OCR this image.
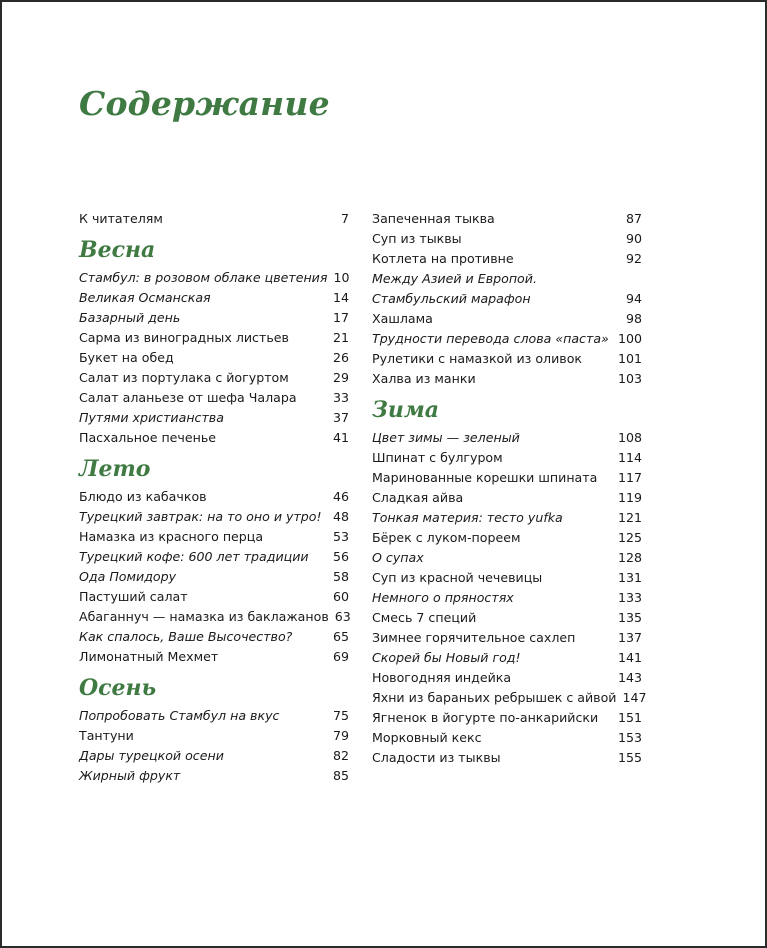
Содержание
К читателям	7
Весна
Стамбул: в розовом облаке цветения 10
Великая Османская	14
Базарный день	17
Сарма из виноградных листьев	21
Букет на обед	26
Салат из портулака с йогуртом	29
Салат аланьезе от шефа Чалара	33
Путями христианства	37
Пасхальное печенье	41
Лето
Блюдо из кабачков	46
Турецкий завтрак: на то оно и утро! 48
Намазка из красного перца	53
Турецкий кофе: 600 лет традиции	56
Ода Помидору	58
Пастуший салат	60
Абаганнуч — намазка из баклажанов 63
Как спалось, Ваше Высочество?	65
Лимонатный Мехмет	69
Осень
Попробовать Стамбул на вкус	75
Тантуни	79
Дары турецкой осени	82
Жирный фрукт	85
Запеченная тыква	87
Суп из тыквы	90
Котлета на противне	92
Между Азией и Европой.
Стамбульский марафон	94
Хашлама	98
Трудности перевода слова «паста» 100
Рулетики с намазкой из оливок	101
Халва из манки	103
Зима
Цвет зимы — зеленый	108
Шпинат с булгуром	114
Маринованные корешки шпината	117
Сладкая айва	119
Тонкая материя: тесто yufka	121
Бёрек с луком-пореем	125
О супах	128
Суп из красной чечевицы	131
Немного о пряностях	133
Смесь 7 специй	135
Зимнее горячительное сахлеп	137
Скорей бы Новый год!	141
Новогодняя индейка	143
Яхни из бараньих ребрышек с айвой 147
Ягненок в йогурте по-анкарийски	151
Морковный кекс	153
Сладости из тыквы	155
